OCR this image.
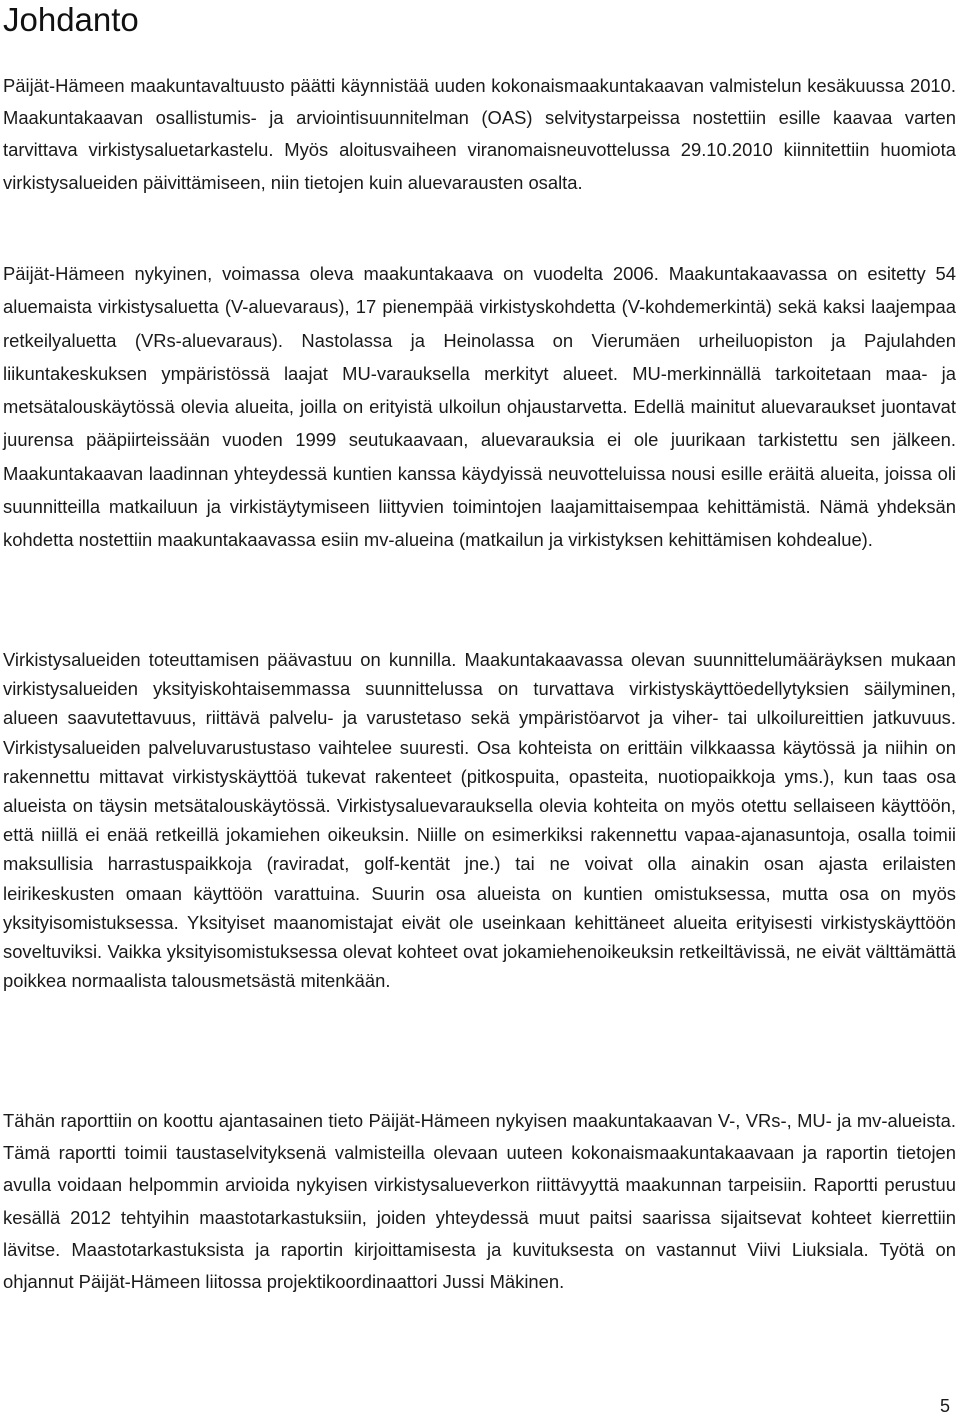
Johdanto

Päijät-Hämeen maakuntavaltuusto päätti käynnistää uuden kokonaismaakuntakaavan valmistelun kesäkuussa 2010. Maakuntakaavan osallistumis- ja arviointisuunnitelman (OAS) selvitystarpeissa nostettiin esille kaavaa varten tarvittava virkistysaluetarkastelu. Myös aloitusvaiheen viranomaisneuvottelussa 29.10.2010 kiinnitettiin huomiota virkistysalueiden päivittämiseen, niin tietojen kuin aluevarausten osalta.

Päijät-Hämeen nykyinen, voimassa oleva maakuntakaava on vuodelta 2006. Maakuntakaavassa on esitetty 54 aluemaista virkistysaluetta (V-aluevaraus), 17 pienempää virkistyskohdetta (V-kohdemerkintä) sekä kaksi laajempaa retkeilyaluetta (VRs-aluevaraus). Nastolassa ja Heinolassa on Vierumäen urheiluopiston ja Pajulahden liikuntakeskuksen ympäristössä laajat MU-varauksella merkityt alueet. MU-merkinnällä tarkoitetaan maa- ja metsätalouskäytössä olevia alueita, joilla on erityistä ulkoilun ohjaustarvetta. Edellä mainitut aluevaraukset juontavat juurensa pääpiirteissään vuoden 1999 seutukaavaan, aluevarauksia ei ole juurikaan tarkistettu sen jälkeen. Maakuntakaavan laadinnan yhteydessä kuntien kanssa käydyissä neuvotteluissa nousi esille eräitä alueita, joissa oli suunnitteilla matkailuun ja virkistäytymiseen liittyvien toimintojen laajamittaisempaa kehittämistä. Nämä yhdeksän kohdetta nostettiin maakuntakaavassa esiin mv-alueina (matkailun ja virkistyksen kehittämisen kohdealue).

Virkistysalueiden toteuttamisen päävastuu on kunnilla. Maakuntakaavassa olevan suunnittelumääräyksen mukaan virkistysalueiden yksityiskohtaisemmassa suunnittelussa on turvattava virkistyskäyttöedellytyksien säilyminen, alueen saavutettavuus, riittävä palvelu- ja varustetaso sekä ympäristöarvot ja viher- tai ulkoilureittien jatkuvuus. Virkistysalueiden palveluvarustustaso vaihtelee suuresti. Osa kohteista on erittäin vilkkaassa käytössä ja niihin on rakennettu mittavat virkistyskäyttöä tukevat rakenteet (pitkospuita, opasteita, nuotiopaikkoja yms.), kun taas osa alueista on täysin metsätalouskäytössä. Virkistysaluevarauksella olevia kohteita on myös otettu sellaiseen käyttöön, että niillä ei enää retkeillä jokamiehen oikeuksin. Niille on esimerkiksi rakennettu vapaa-ajanasuntoja, osalla toimii maksullisia harrastuspaikkoja (raviradat, golf-kentät jne.) tai ne voivat olla ainakin osan ajasta erilaisten leirikeskusten omaan käyttöön varattuina. Suurin osa alueista on kuntien omistuksessa, mutta osa on myös yksityisomistuksessa. Yksityiset maanomistajat eivät ole useinkaan kehittäneet alueita erityisesti virkistyskäyttöön soveltuviksi. Vaikka yksityisomistuksessa olevat kohteet ovat jokamiehenoikeuksin retkeiltävissä, ne eivät välttämättä poikkea normaalista talousmetsästä mitenkään.

Tähän raporttiin on koottu ajantasainen tieto Päijät-Hämeen nykyisen maakuntakaavan V-, VRs-, MU- ja mv-alueista. Tämä raportti toimii taustaselvityksenä valmisteilla olevaan uuteen kokonaismaakuntakaavaan ja raportin tietojen avulla voidaan helpommin arvioida nykyisen virkistysalueverkon riittävyyttä maakunnan tarpeisiin. Raportti perustuu kesällä 2012 tehtyihin maastotarkastuksiin, joiden yhteydessä muut paitsi saarissa sijaitsevat kohteet kierrettiin lävitse. Maastotarkastuksista ja raportin kirjoittamisesta ja kuvituksesta on vastannut Viivi Liuksiala. Työtä on ohjannut Päijät-Hämeen liitossa projektikoordinaattori Jussi Mäkinen.

5
